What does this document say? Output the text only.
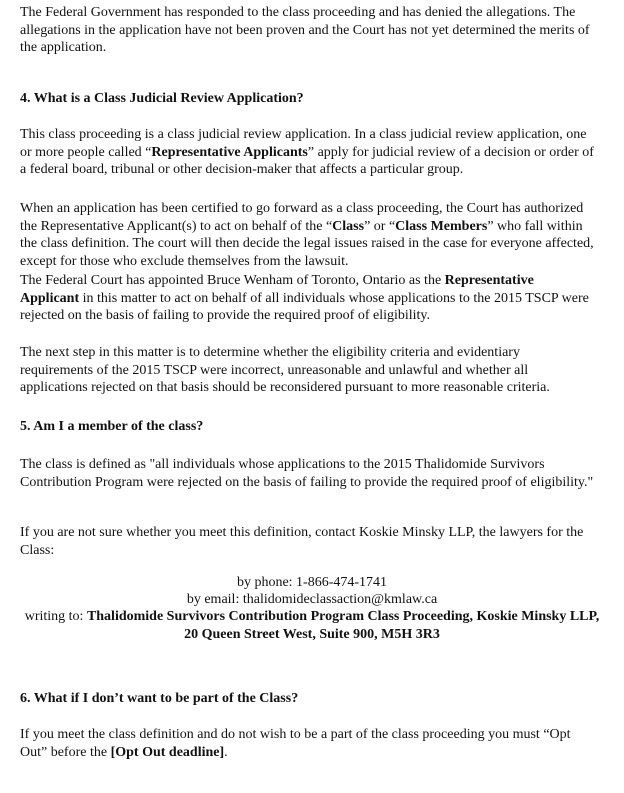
The Federal Government has responded to the class proceeding and has denied the allegations. The allegations in the application have not been proven and the Court has not yet determined the merits of the application.

4. What is a Class Judicial Review Application?

This class proceeding is a class judicial review application. In a class judicial review application, one or more people called “Representative Applicants” apply for judicial review of a decision or order of a federal board, tribunal or other decision-maker that affects a particular group.

When an application has been certified to go forward as a class proceeding, the Court has authorized the Representative Applicant(s) to act on behalf of the “Class” or “Class Members” who fall within the class definition. The court will then decide the legal issues raised in the case for everyone affected, except for those who exclude themselves from the lawsuit.

The Federal Court has appointed Bruce Wenham of Toronto, Ontario as the Representative Applicant in this matter to act on behalf of all individuals whose applications to the 2015 TSCP were rejected on the basis of failing to provide the required proof of eligibility.

The next step in this matter is to determine whether the eligibility criteria and evidentiary requirements of the 2015 TSCP were incorrect, unreasonable and unlawful and whether all applications rejected on that basis should be reconsidered pursuant to more reasonable criteria.

5. Am I a member of the class?

The class is defined as "all individuals whose applications to the 2015 Thalidomide Survivors Contribution Program were rejected on the basis of failing to provide the required proof of eligibility."

If you are not sure whether you meet this definition, contact Koskie Minsky LLP, the lawyers for the Class:

by phone: 1-866-474-1741

by email: thalidomideclassaction@kmlaw.ca

writing to: Thalidomide Survivors Contribution Program Class Proceeding, Koskie Minsky LLP, 20 Queen Street West, Suite 900, M5H 3R3

6. What if I don’t want to be part of the Class?

If you meet the class definition and do not wish to be a part of the class proceeding you must “Opt Out” before the [Opt Out deadline].
